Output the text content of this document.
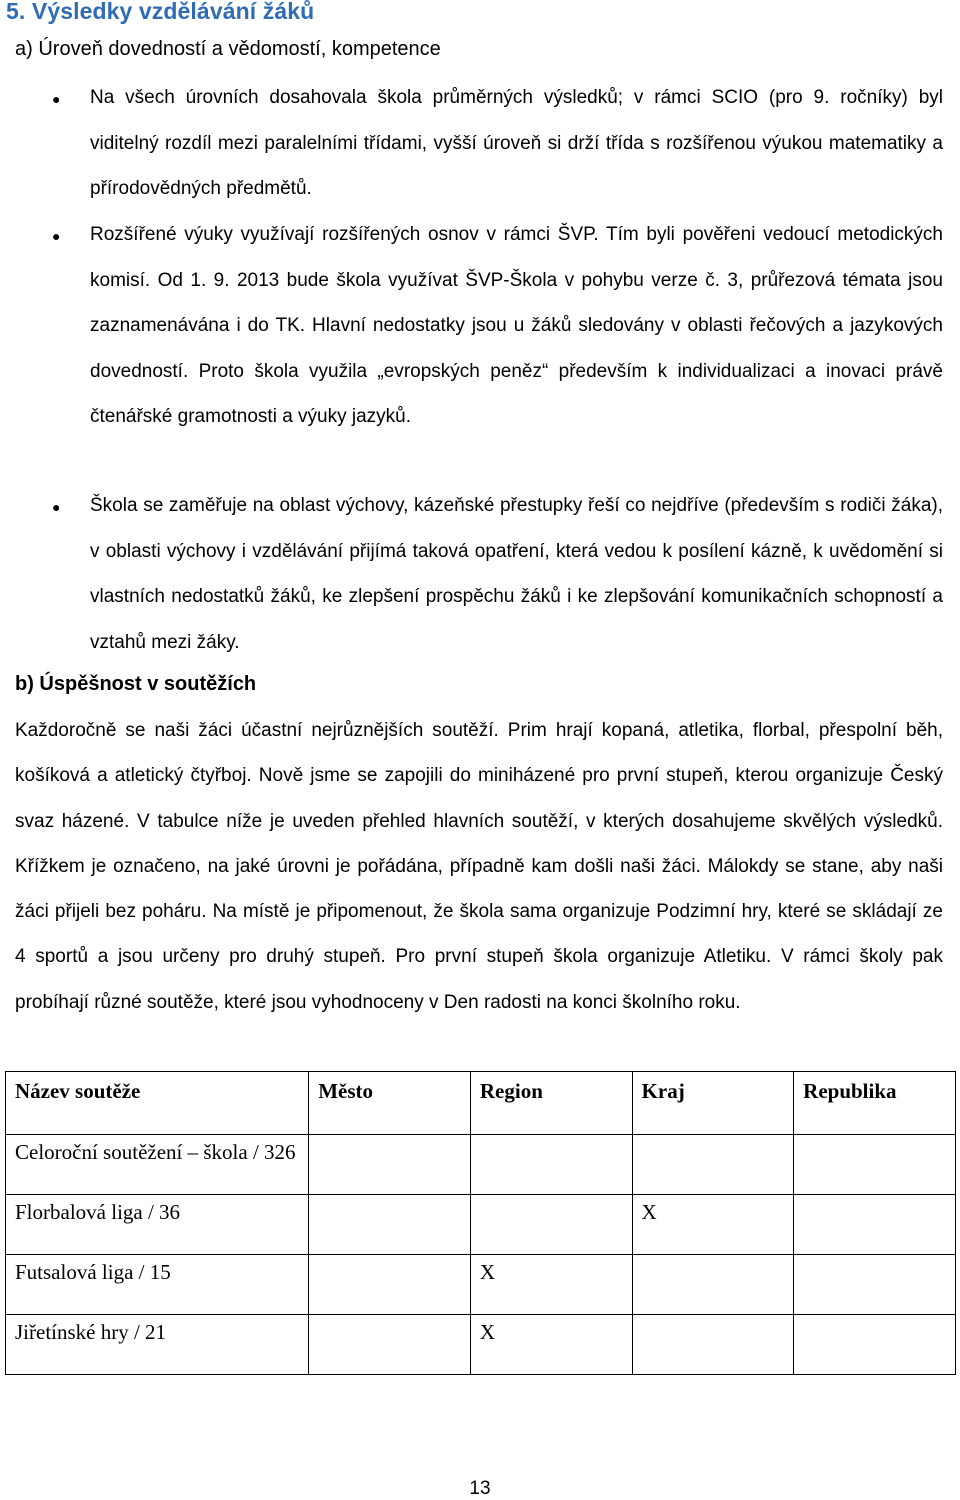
5. Výsledky vzdělávání žáků
a) Úroveň dovedností a vědomostí, kompetence
● Na všech úrovních dosahovala škola průměrných výsledků; v rámci SCIO (pro 9. ročníky) byl viditelný rozdíl mezi paralelními třídami, vyšší úroveň si drží třída s rozšířenou výukou matematiky a přírodovědných předmětů.

● Rozšířené výuky využívají rozšířených osnov v rámci ŠVP. Tím byli pověřeni vedoucí metodických komisí. Od 1. 9. 2013 bude škola využívat ŠVP-Škola v pohybu verze č. 3, průřezová témata jsou zaznamenávána i do TK. Hlavní nedostatky jsou u žáků sledovány v oblasti řečových a jazykových dovedností. Proto škola využila „evropských peněz“ především k individualizaci a inovaci právě čtenářské gramotnosti a výuky jazyků.

● Škola se zaměřuje na oblast výchovy, kázeňské přestupky řeší co nejdříve (především s rodiči žáka), v oblasti výchovy i vzdělávání přijímá taková opatření, která vedou k posílení kázně, k uvědomění si vlastních nedostatků žáků, ke zlepšení prospěchu žáků i ke zlepšování komunikačních schopností a vztahů mezi žáky.

b) Úspěšnost v soutěžích

Každoročně se naši žáci účastní nejrůznějších soutěží. Prim hrají kopaná, atletika, florbal, přespolní běh, košíková a atletický čtyřboj. Nově jsme se zapojili do miniházené pro první stupeň, kterou organizuje Český svaz házené. V tabulce níže je uveden přehled hlavních soutěží, v kterých dosahujeme skvělých výsledků. Křížkem je označeno, na jaké úrovni je pořádána, případně kam došli naši žáci. Málokdy se stane, aby naši žáci přijeli bez poháru. Na místě je připomenout, že škola sama organizuje Podzimní hry, které se skládají ze 4 sportů a jsou určeny pro druhý stupeň. Pro první stupeň škola organizuje Atletiku. V rámci školy pak probíhají různé soutěže, které jsou vyhodnoceny v Den radosti na konci školního roku.

Název soutěže	Město	Region	Kraj	Republika
Celoroční soutěžení – škola / 326				
Florbalová liga / 36			X	
Futsalová liga / 15		X		
Jiřetínské hry / 21		X		
13
